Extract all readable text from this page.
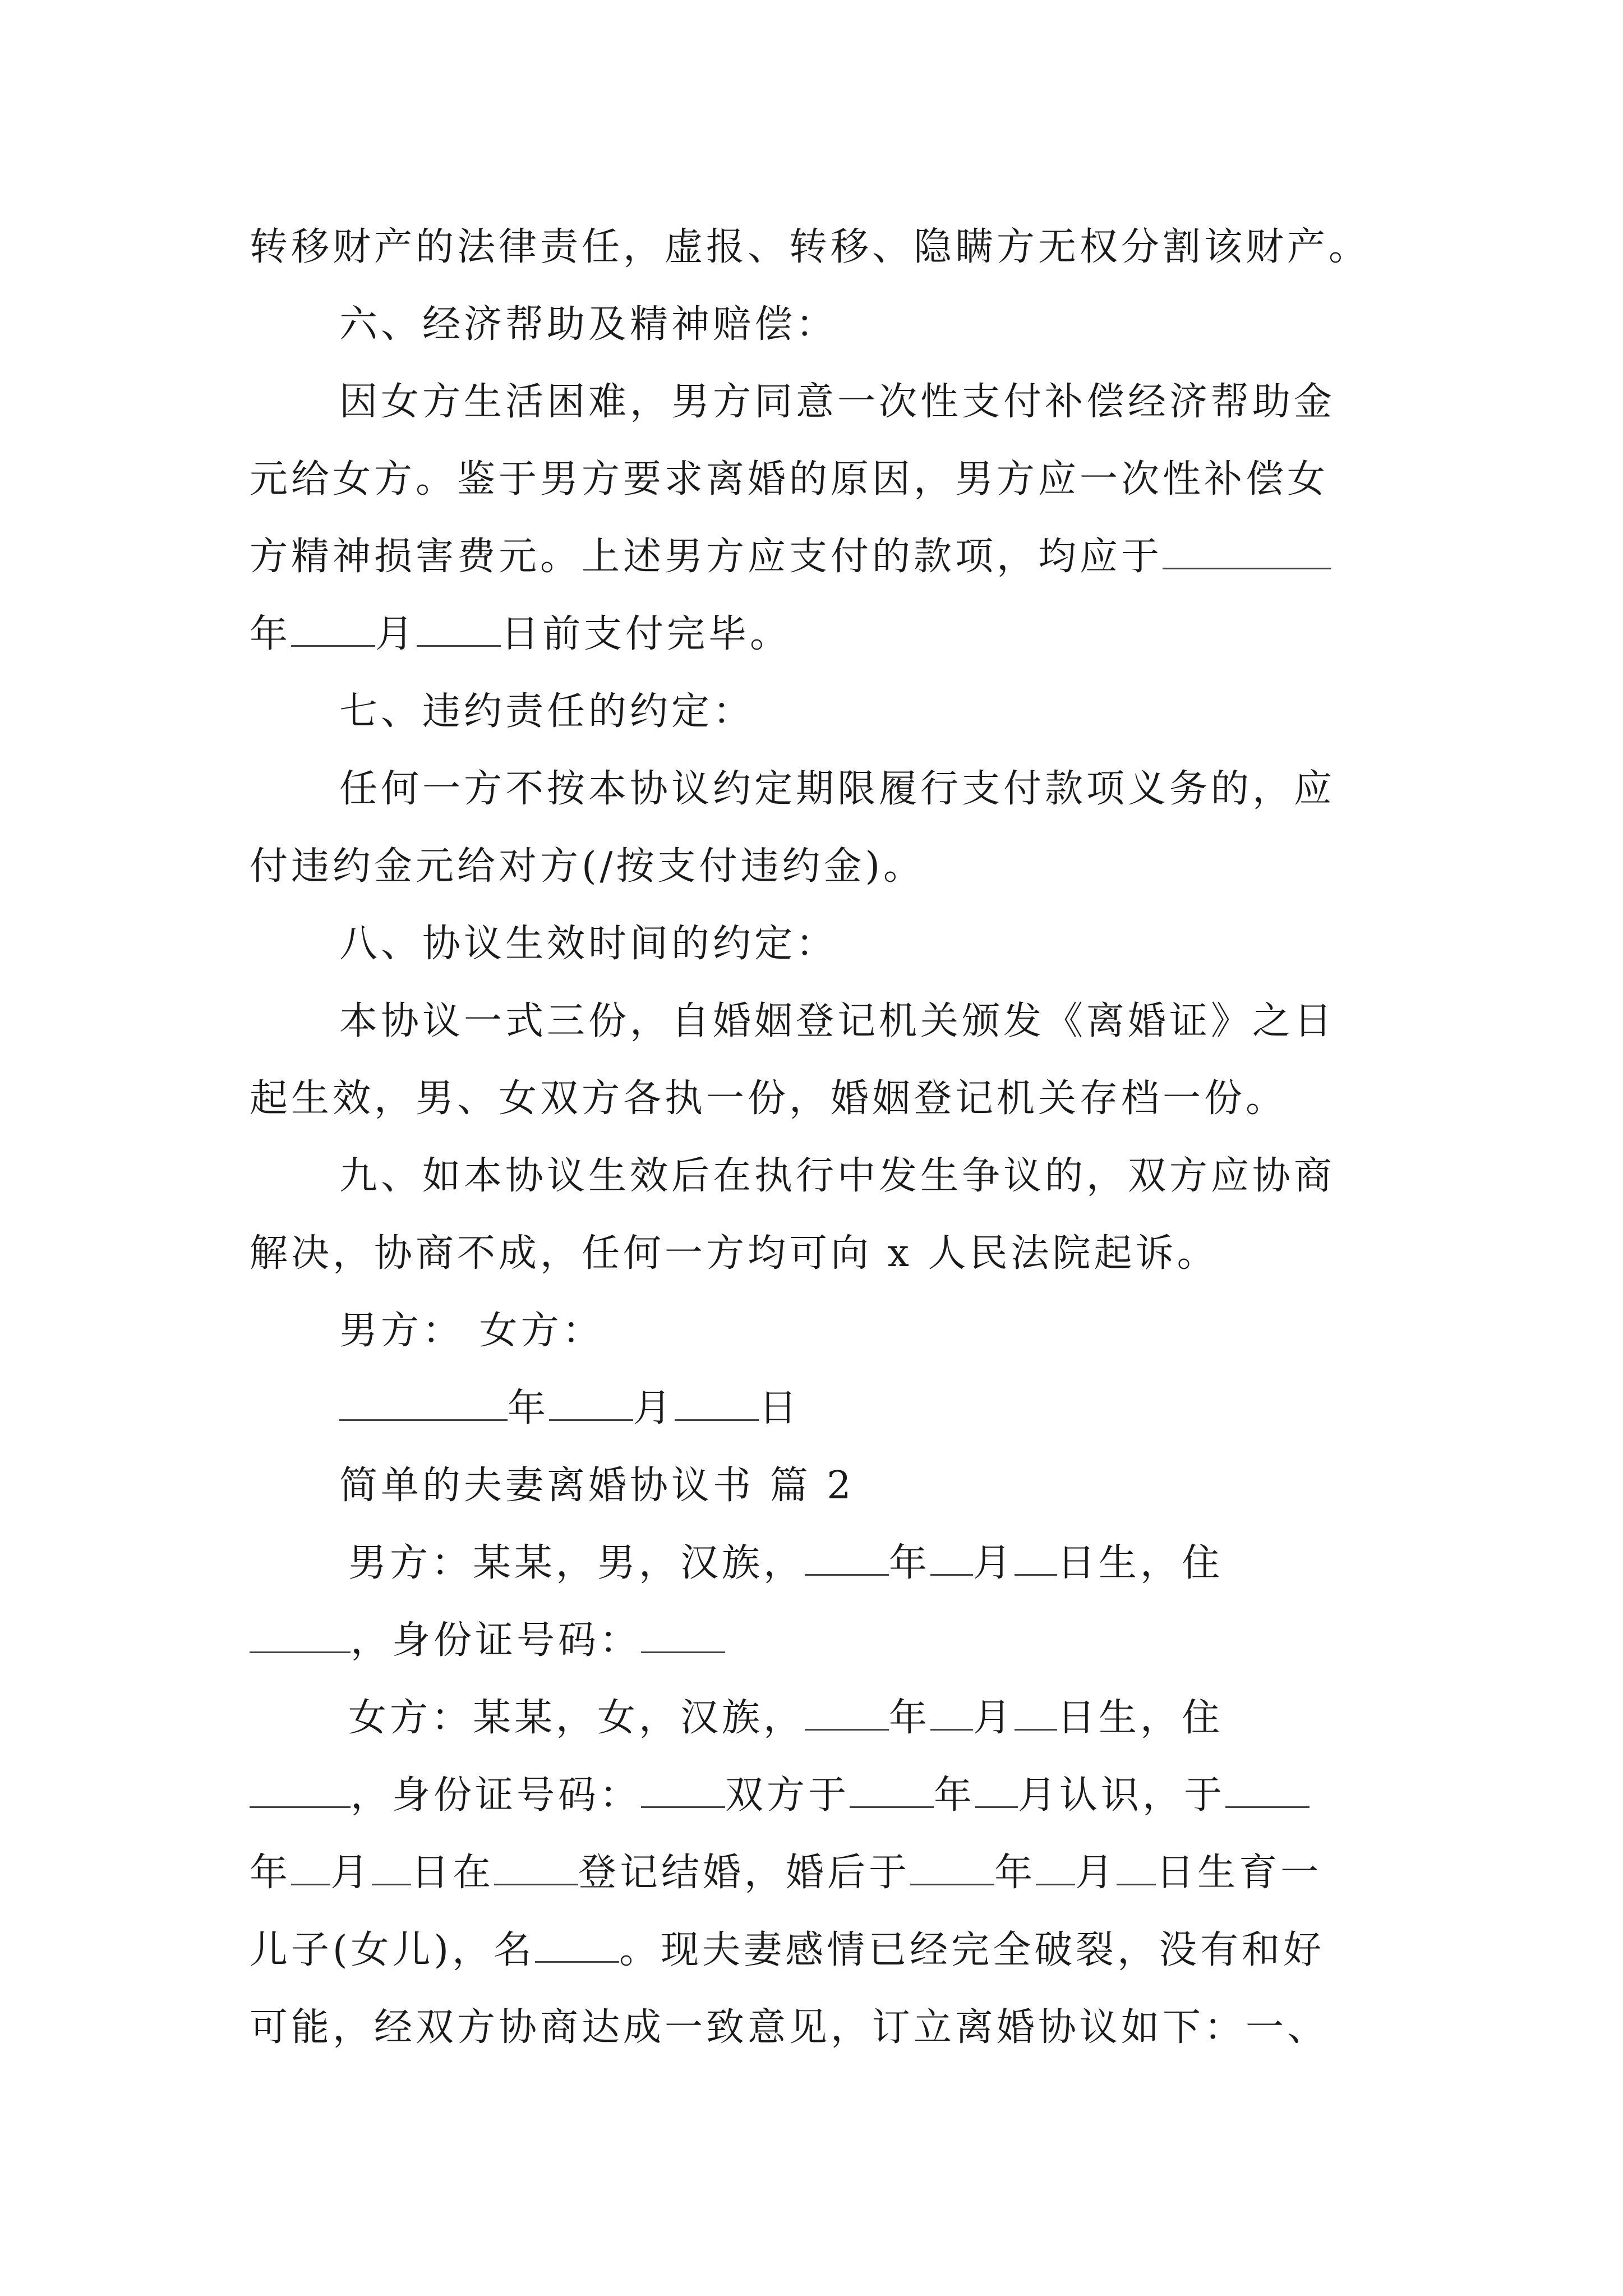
转移财产的法律责任，虚报、转移、隐瞒方无权分割该财产。

六、经济帮助及精神赔偿：

因女方生活困难，男方同意一次性支付补偿经济帮助金

元给女方。鉴于男方要求离婚的原因，男方应一次性补偿女

方精神损害费元。上述男方应支付的款项，均应于

年 月 日前支付完毕。

七、违约责任的约定：

任何一方不按本协议约定期限履行支付款项义务的，应

付违约金元给对方(/按支付违约金)。

八、协议生效时间的约定：

本协议一式三份，自婚姻登记机关颁发《离婚证》之日

起生效，男、女双方各执一份，婚姻登记机关存档一份。

九、如本协议生效后在执行中发生争议的，双方应协商

解决，协商不成，任何一方均可向 x 人民法院起诉。

男方： 女方：

年 月 日

简单的夫妻离婚协议书 篇 2

男方：某某，男，汉族， 年 月 日生，住

，身份证号码：

女方：某某，女，汉族， 年 月 日生，住

，身份证号码： 双方于 年 月认识，于

年 月 日在 登记结婚，婚后于 年 月 日生育一

儿子(女儿)，名 。现夫妻感情已经完全破裂，没有和好

可能，经双方协商达成一致意见，订立离婚协议如下：一、
